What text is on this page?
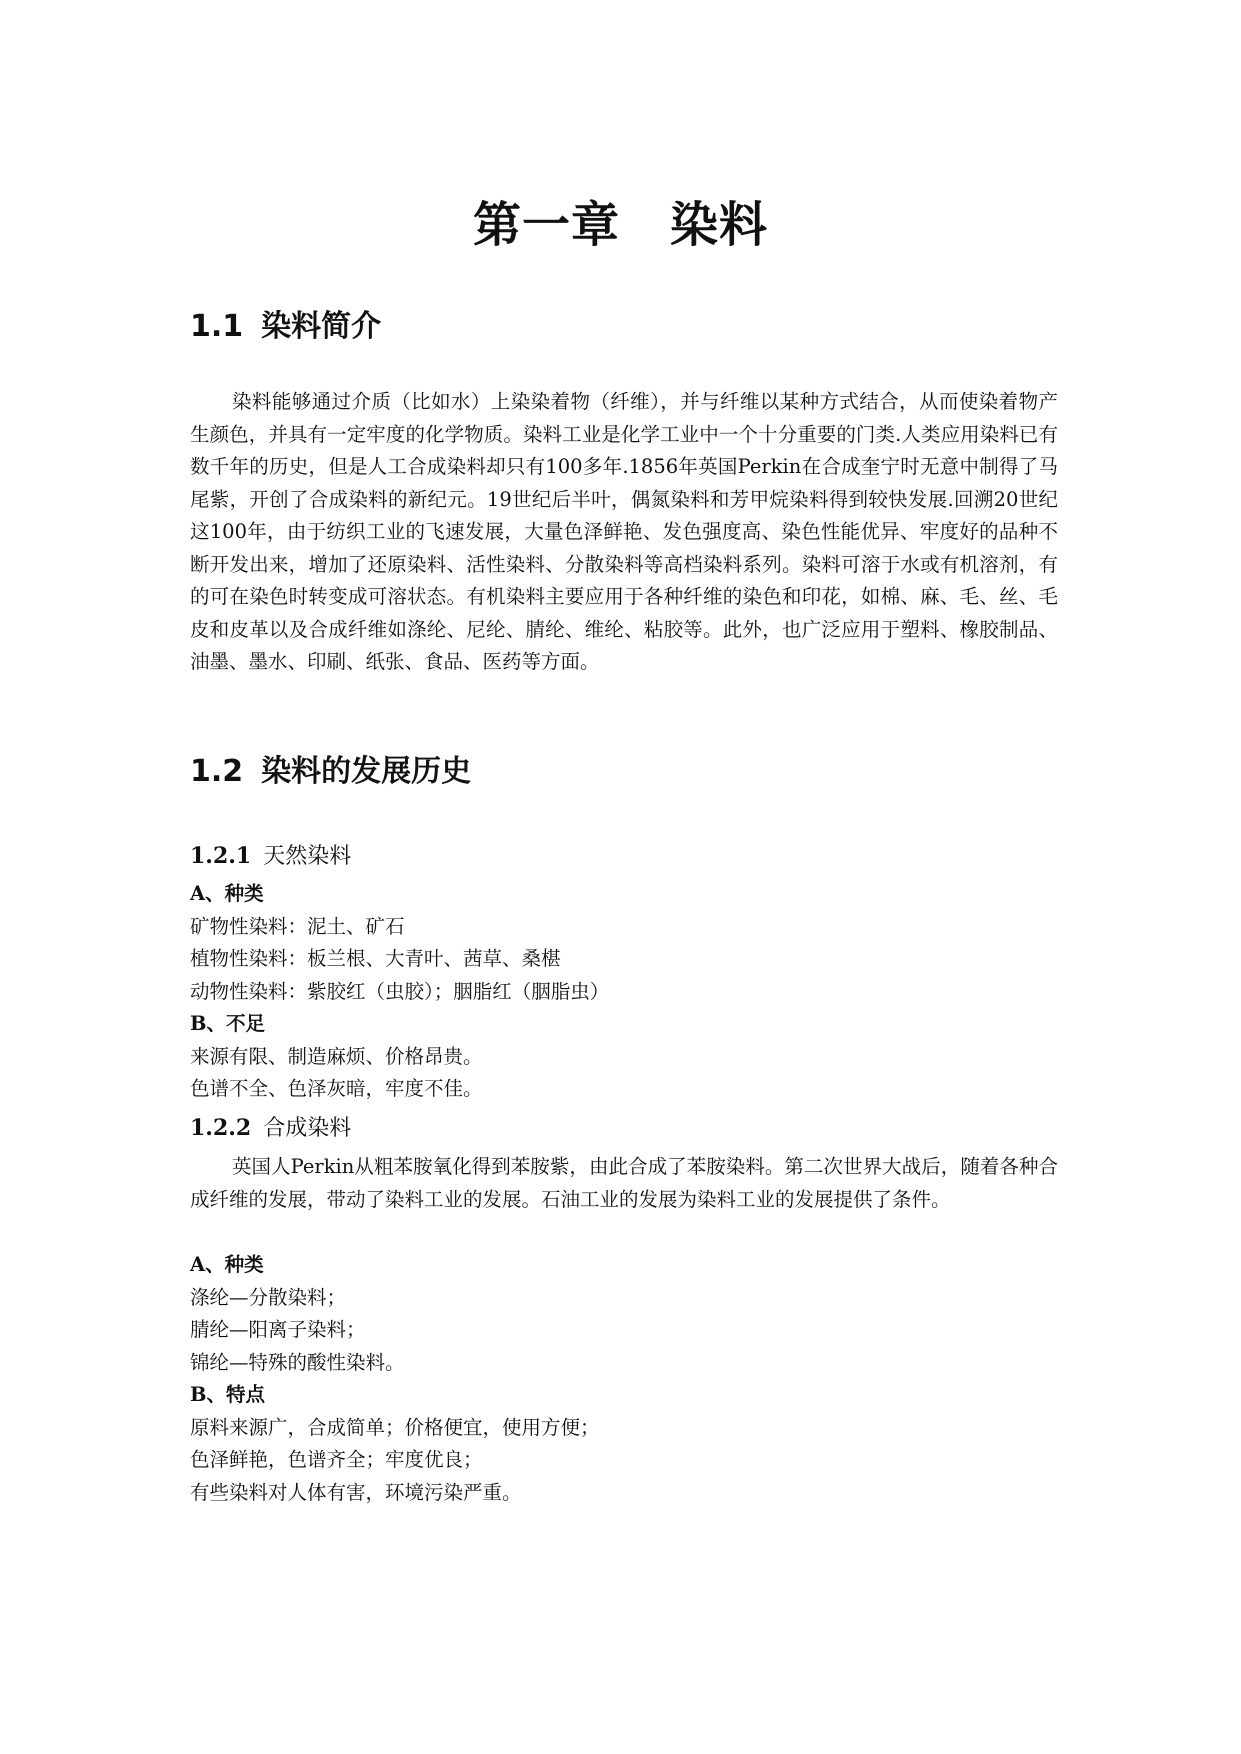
第一章 染料
1.1 染料简介

染料能够通过介质（比如水）上染染着物（纤维），并与纤维以某种方式结合，从而使染着物产生颜色，并具有一定牢度的化学物质。染料工业是化学工业中一个十分重要的门类.人类应用染料已有数千年的历史，但是人工合成染料却只有100多年.1856年英国Perkin在合成奎宁时无意中制得了马尾紫，开创了合成染料的新纪元。19世纪后半叶，偶氮染料和芳甲烷染料得到较快发展.回溯20世纪这100年，由于纺织工业的飞速发展，大量色泽鲜艳、发色强度高、染色性能优异、牢度好的品种不断开发出来，增加了还原染料、活性染料、分散染料等高档染料系列。染料可溶于水或有机溶剂，有的可在染色时转变成可溶状态。有机染料主要应用于各种纤维的染色和印花，如棉、麻、毛、丝、毛皮和皮革以及合成纤维如涤纶、尼纶、腈纶、维纶、粘胶等。此外，也广泛应用于塑料、橡胶制品、油墨、墨水、印刷、纸张、食品、医药等方面。

1.2 染料的发展历史
1.2.1 天然染料
A、种类
矿物性染料：泥土、矿石
植物性染料：板兰根、大青叶、茜草、桑椹
动物性染料：紫胶红（虫胶）；胭脂红（胭脂虫）
B、不足
来源有限、制造麻烦、价格昂贵。
色谱不全、色泽灰暗，牢度不佳。
1.2.2 合成染料

英国人Perkin从粗苯胺氧化得到苯胺紫，由此合成了苯胺染料。第二次世界大战后，随着各种合成纤维的发展，带动了染料工业的发展。石油工业的发展为染料工业的发展提供了条件。

A、种类
涤纶—分散染料；
腈纶—阳离子染料；
锦纶—特殊的酸性染料。
B、特点
原料来源广，合成简单；价格便宜，使用方便；
色泽鲜艳，色谱齐全；牢度优良；
有些染料对人体有害，环境污染严重。
